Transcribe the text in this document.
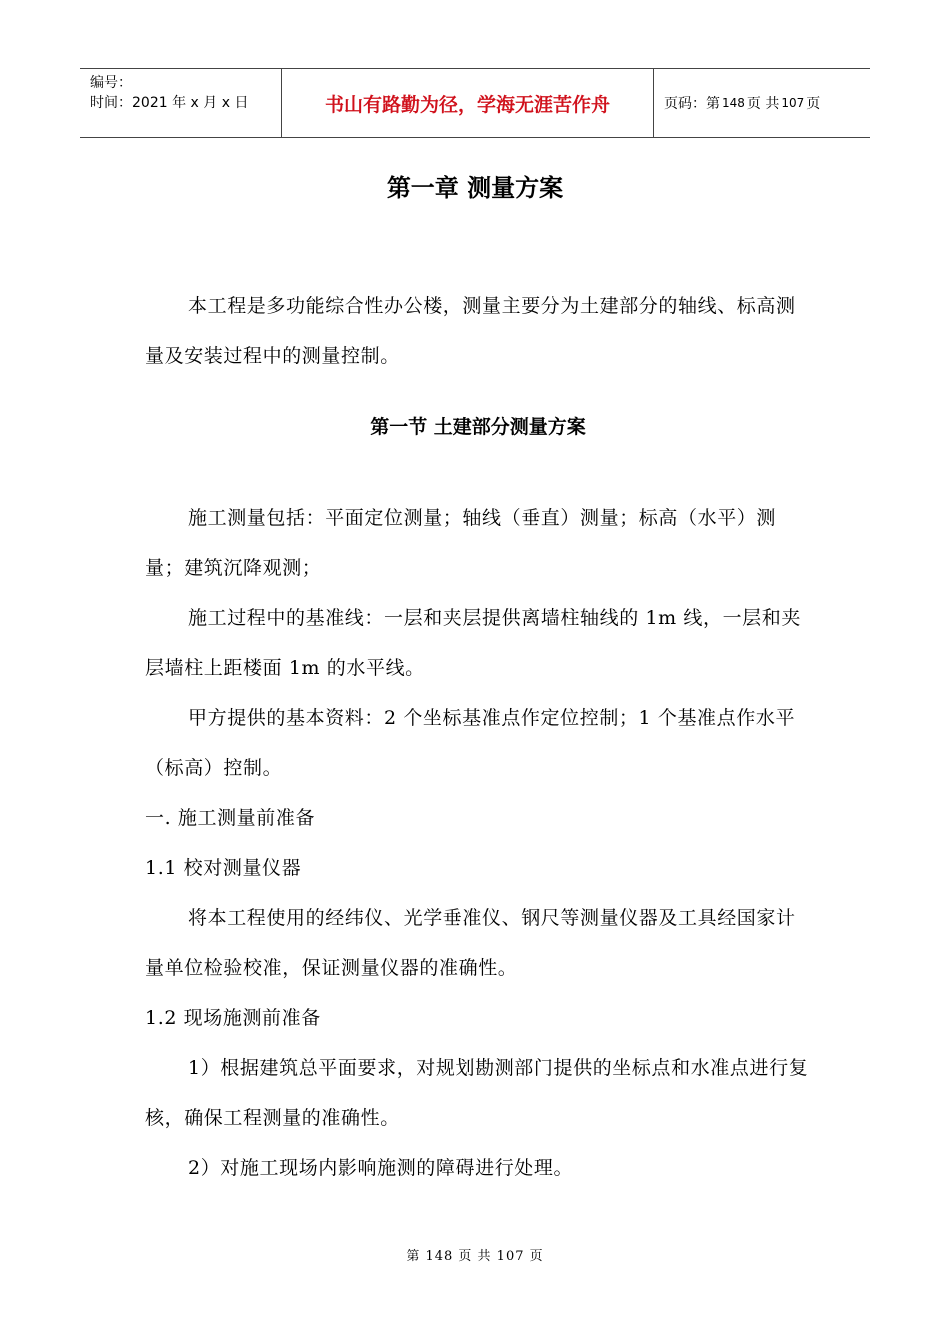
编号：
时间：2021 年 x 月 x 日	书山有路勤为径，学海无涯苦作舟	页码：第 148 页 共 107 页
第一章 测量方案

本工程是多功能综合性办公楼，测量主要分为土建部分的轴线、标高测量及安装过程中的测量控制。

第一节 土建部分测量方案

施工测量包括：平面定位测量；轴线（垂直）测量；标高（水平）测量；建筑沉降观测；

施工过程中的基准线：一层和夹层提供离墙柱轴线的 1m 线，一层和夹层墙柱上距楼面 1m 的水平线。

甲方提供的基本资料：2 个坐标基准点作定位控制；1 个基准点作水平（标高）控制。

一. 施工测量前准备

1.1 校对测量仪器

将本工程使用的经纬仪、光学垂准仪、钢尺等测量仪器及工具经国家计量单位检验校准，保证测量仪器的准确性。

1.2 现场施测前准备

1）根据建筑总平面要求，对规划勘测部门提供的坐标点和水准点进行复核，确保工程测量的准确性。

2）对施工现场内影响施测的障碍进行处理。

第 148 页 共 107 页
